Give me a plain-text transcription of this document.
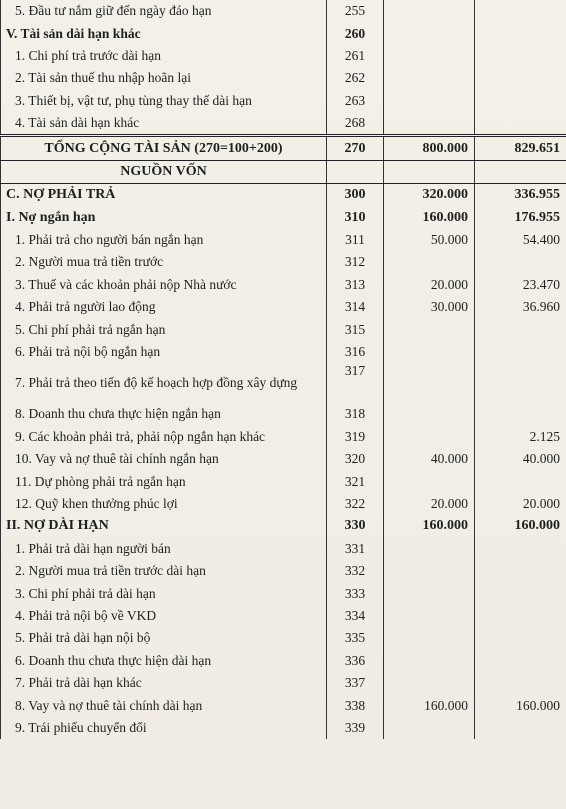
5. Đầu tư nắm giữ đến ngày đáo hạn	255		
V. Tài sản dài hạn khác	260		
1. Chi phí trả trước dài hạn	261		
2. Tài sản thuế thu nhập hoãn lại	262		
3. Thiết bị, vật tư, phụ tùng thay thế dài hạn	263		
4. Tài sản dài hạn khác	268		
TỔNG CỘNG TÀI SẢN (270=100+200)	270	800.000	829.651
NGUỒN VỐN			
C. NỢ PHẢI TRẢ	300	320.000	336.955
I. Nợ ngắn hạn	310	160.000	176.955
1. Phải trả cho người bán ngắn hạn	311	50.000	54.400
2. Người mua trả tiền trước	312		
3. Thuế và các khoản phải nộp Nhà nước	313	20.000	23.470
4. Phải trả người lao động	314	30.000	36.960
5. Chi phí phải trả ngắn hạn	315		
6. Phải trả nội bộ ngắn hạn	316		
7. Phải trả theo tiến độ kế hoạch hợp đồng xây dựng	317		
8. Doanh thu chưa thực hiện ngắn hạn	318		
9. Các khoản phải trả, phải nộp ngắn hạn khác	319		2.125
10. Vay và nợ thuê tài chính ngắn hạn	320	40.000	40.000
11. Dự phòng phải trả ngắn hạn	321		
12. Quỹ khen thưởng phúc lợi	322	20.000	20.000
II. NỢ DÀI HẠN	330	160.000	160.000
1. Phải trả dài hạn người bán	331		
2. Người mua trả tiền trước dài hạn	332		
3. Chi phí phải trả dài hạn	333		
4. Phải trả nội bộ về VKD	334		
5. Phải trả dài hạn nội bộ	335		
6. Doanh thu chưa thực hiện dài hạn	336		
7. Phải trả dài hạn khác	337		
8. Vay và nợ thuê tài chính dài hạn	338	160.000	160.000
9. Trái phiếu chuyển đổi	339		
